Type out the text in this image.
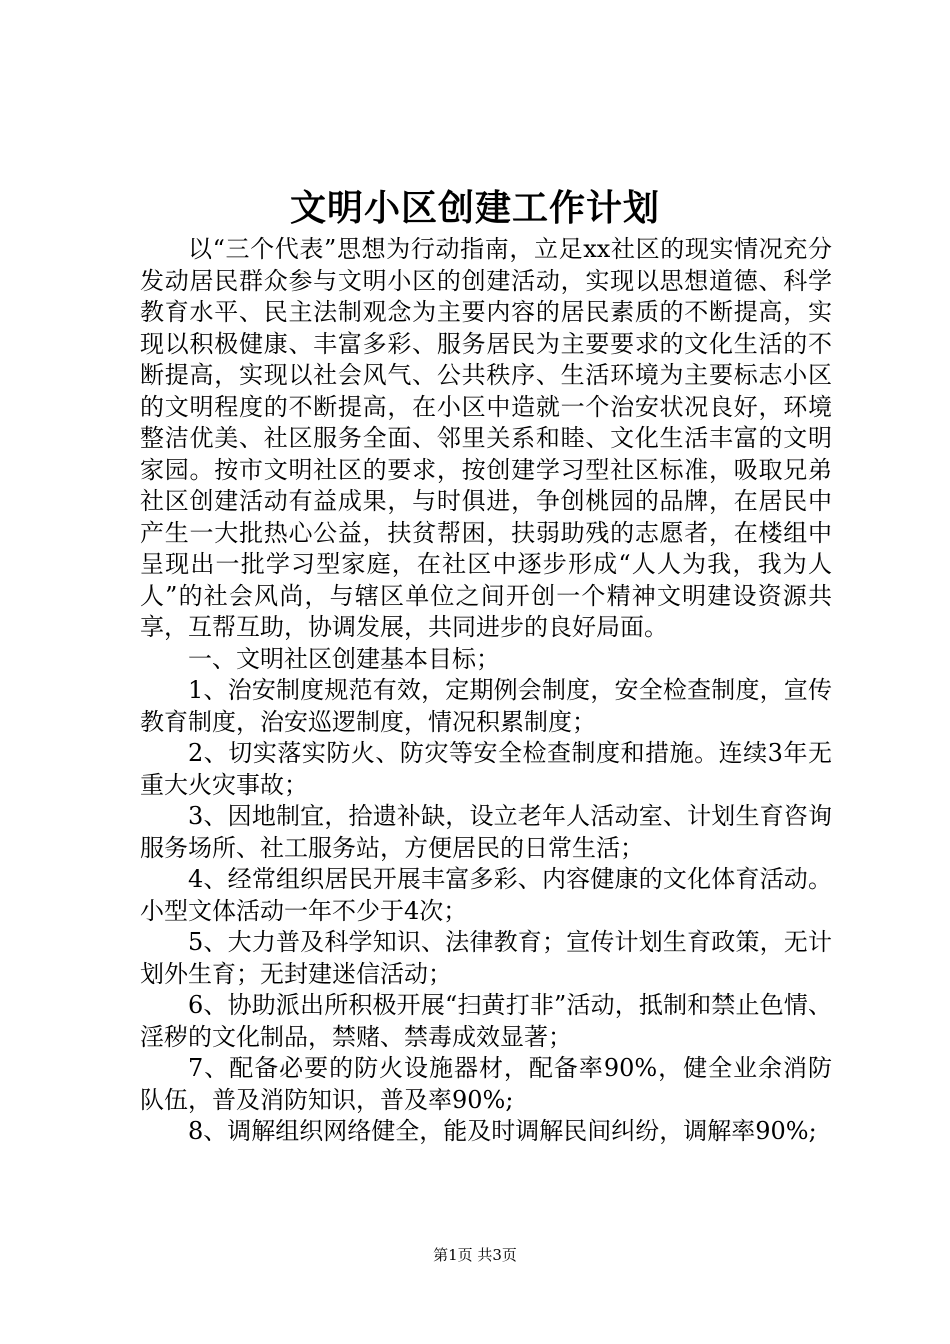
文明小区创建工作计划

以“三个代表”思想为行动指南，立足xx社区的现实情况充分发动居民群众参与文明小区的创建活动，实现以思想道德、科学教育水平、民主法制观念为主要内容的居民素质的不断提高，实现以积极健康、丰富多彩、服务居民为主要要求的文化生活的不断提高，实现以社会风气、公共秩序、生活环境为主要标志小区的文明程度的不断提高，在小区中造就一个治安状况良好，环境整洁优美、社区服务全面、邻里关系和睦、文化生活丰富的文明家园。按市文明社区的要求，按创建学习型社区标准，吸取兄弟社区创建活动有益成果，与时俱进，争创桃园的品牌，在居民中产生一大批热心公益，扶贫帮困，扶弱助残的志愿者，在楼组中呈现出一批学习型家庭，在社区中逐步形成“人人为我，我为人人”的社会风尚，与辖区单位之间开创一个精神文明建设资源共享，互帮互助，协调发展，共同进步的良好局面。

一、文明社区创建基本目标；

1、治安制度规范有效，定期例会制度，安全检查制度，宣传教育制度，治安巡逻制度，情况积累制度；

2、切实落实防火、防灾等安全检查制度和措施。连续3年无重大火灾事故；

3、因地制宜，拾遗补缺，设立老年人活动室、计划生育咨询服务场所、社工服务站，方便居民的日常生活；

4、经常组织居民开展丰富多彩、内容健康的文化体育活动。小型文体活动一年不少于4次；

5、大力普及科学知识、法律教育；宣传计划生育政策，无计划外生育；无封建迷信活动；

6、协助派出所积极开展“扫黄打非”活动，抵制和禁止色情、淫秽的文化制品，禁赌、禁毒成效显著；

7、配备必要的防火设施器材，配备率90%，健全业余消防队伍，普及消防知识，普及率90%;

8、调解组织网络健全，能及时调解民间纠纷，调解率90%;

第1页 共3页
